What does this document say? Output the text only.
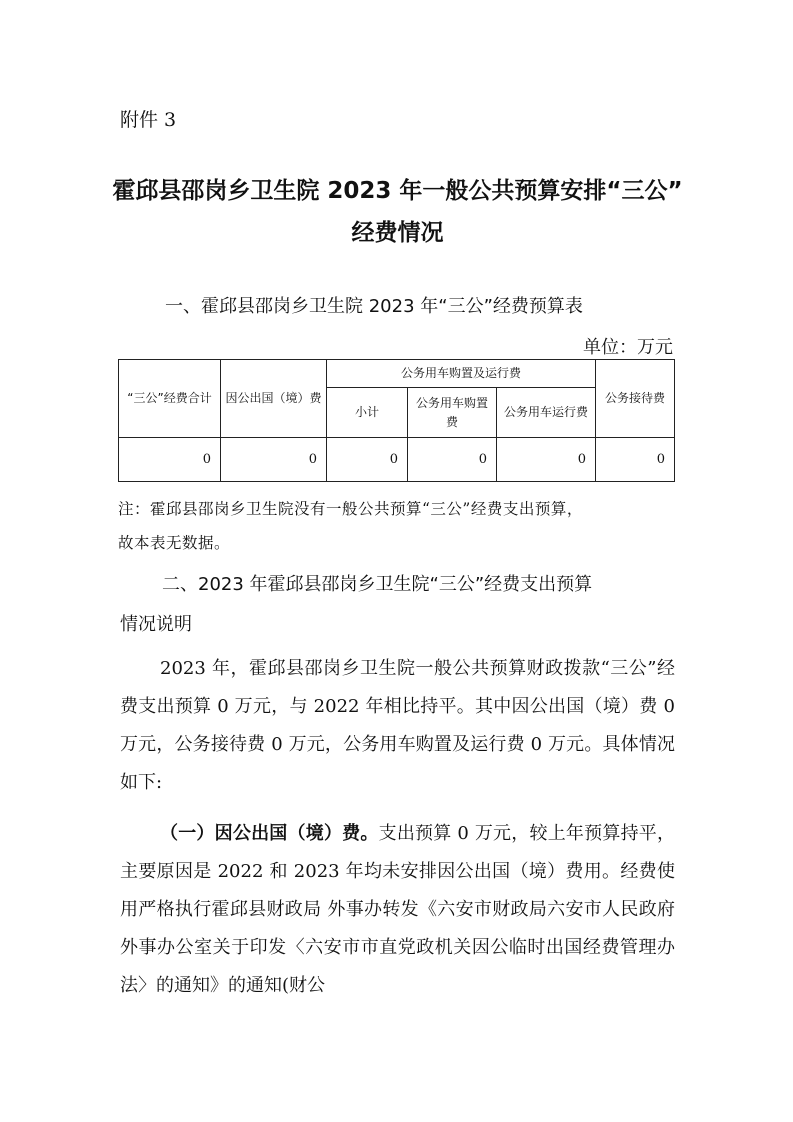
附件 3
霍邱县邵岗乡卫生院 2023 年一般公共预算安排“三公”
经费情况
一、霍邱县邵岗乡卫生院 2023 年“三公”经费预算表
单位：万元
“三公”经费合计	因公出国（境）费	公务用车购置及运行费			公务接待费
		小计	公务用车购置费	公务用车运行费	
0	0	0	0	0	0
注：霍邱县邵岗乡卫生院没有一般公共预算“三公”经费支出预算，
故本表无数据。
二、2023 年霍邱县邵岗乡卫生院“三公”经费支出预算
情况说明
2023 年，霍邱县邵岗乡卫生院一般公共预算财政拨款“三公”经费支出预算 0 万元，与 2022 年相比持平。其中因公出国（境）费 0 万元，公务接待费 0 万元，公务用车购置及运行费 0 万元。具体情况如下:
（一）因公出国（境）费。支出预算 0 万元，较上年预算持平，主要原因是 2022 和 2023 年均未安排因公出国（境）费用。经费使用严格执行霍邱县财政局 外事办转发《六安市财政局六安市人民政府外事办公室关于印发〈六安市市直党政机关因公临时出国经费管理办法〉的通知》的通知(财公
